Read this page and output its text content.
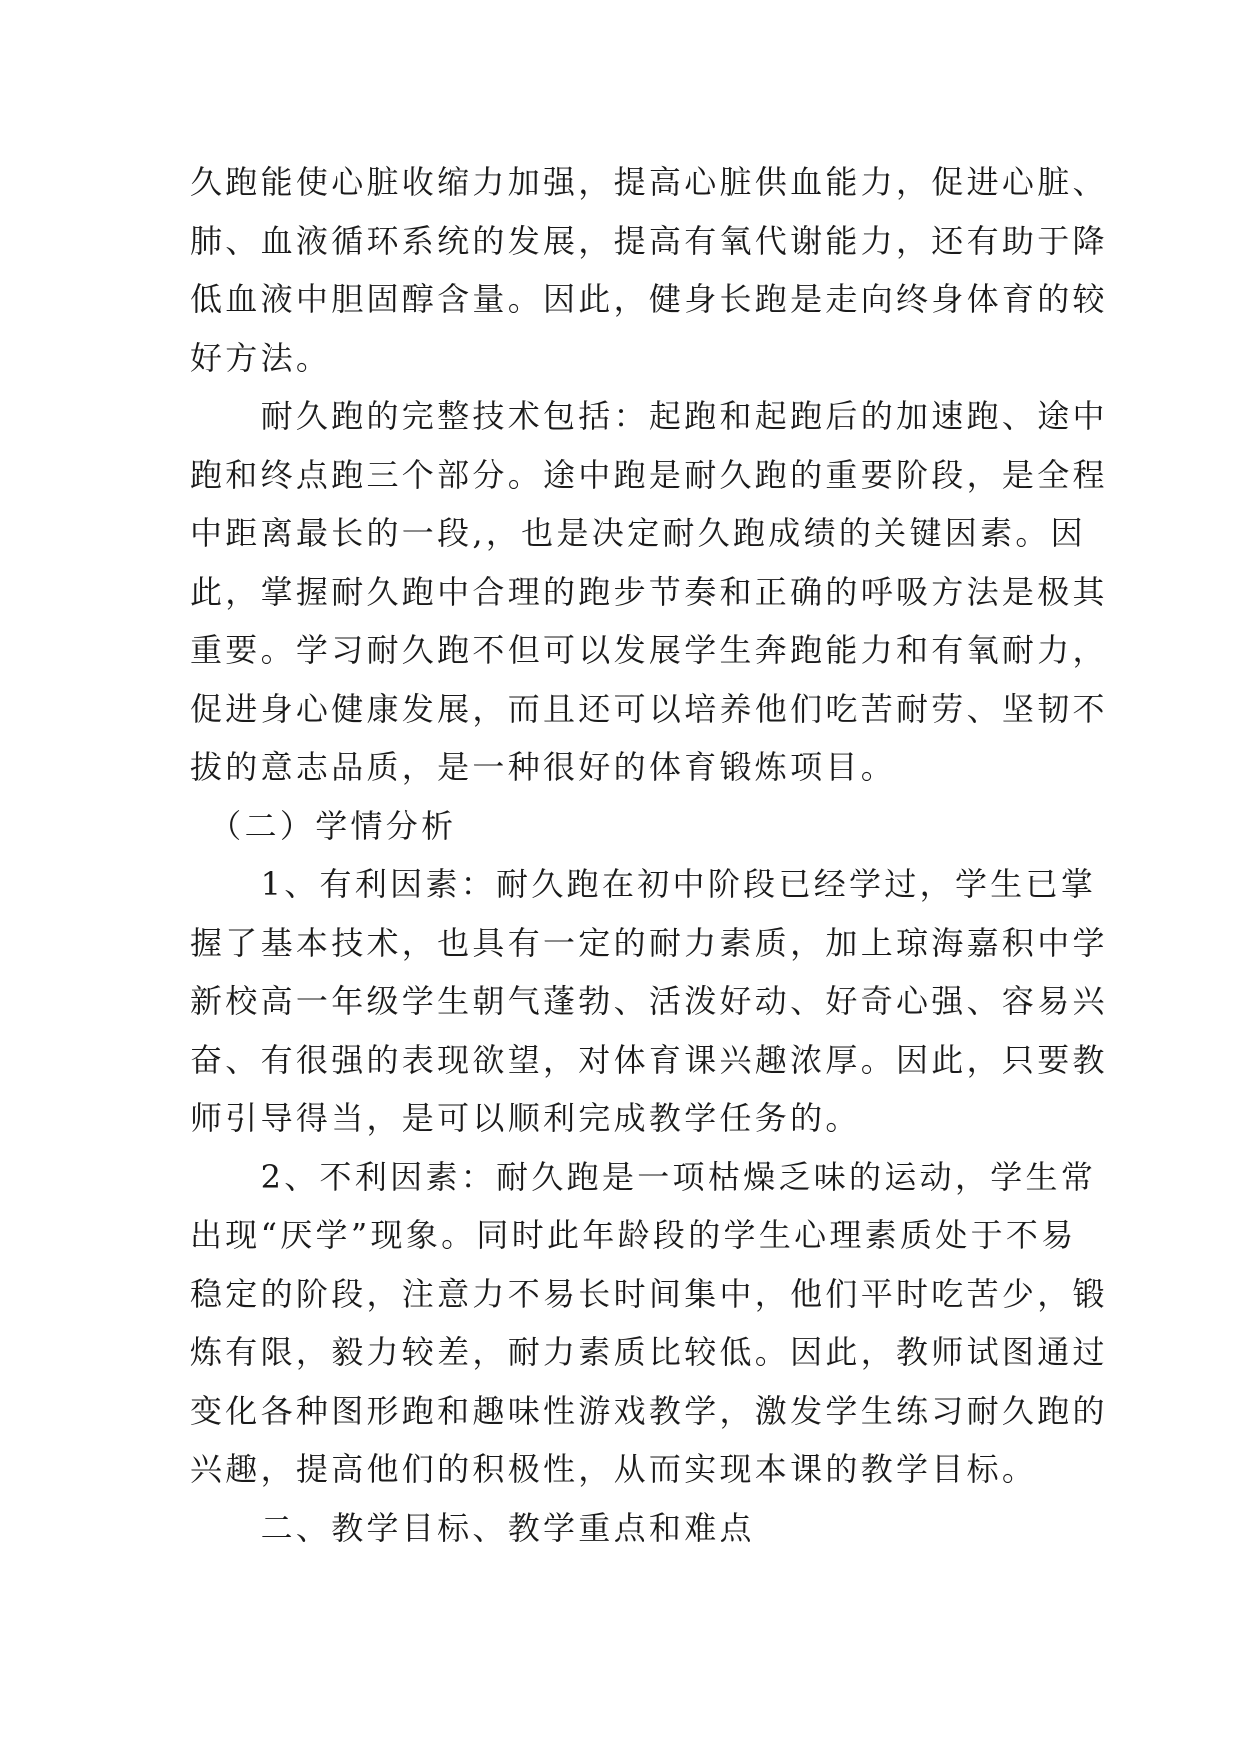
久跑能使心脏收缩力加强，提高心脏供血能力，促进心脏、
肺、血液循环系统的发展，提高有氧代谢能力，还有助于降
低血液中胆固醇含量。因此，健身长跑是走向终身体育的较
好方法。
　　耐久跑的完整技术包括：起跑和起跑后的加速跑、途中
跑和终点跑三个部分。途中跑是耐久跑的重要阶段，是全程
中距离最长的一段,，也是决定耐久跑成绩的关键因素。因
此，掌握耐久跑中合理的跑步节奏和正确的呼吸方法是极其
重要。学习耐久跑不但可以发展学生奔跑能力和有氧耐力，
促进身心健康发展，而且还可以培养他们吃苦耐劳、坚韧不
拔的意志品质，是一种很好的体育锻炼项目。
　（二）学情分析
　　1、有利因素：耐久跑在初中阶段已经学过，学生已掌
握了基本技术，也具有一定的耐力素质，加上琼海嘉积中学
新校高一年级学生朝气蓬勃、活泼好动、好奇心强、容易兴
奋、有很强的表现欲望，对体育课兴趣浓厚。因此，只要教
师引导得当，是可以顺利完成教学任务的。
　　2、不利因素：耐久跑是一项枯燥乏味的运动，学生常
出现“厌学”现象。同时此年龄段的学生心理素质处于不易
稳定的阶段，注意力不易长时间集中，他们平时吃苦少，锻
炼有限，毅力较差，耐力素质比较低。因此，教师试图通过
变化各种图形跑和趣味性游戏教学，激发学生练习耐久跑的
兴趣，提高他们的积极性，从而实现本课的教学目标。
　　二、教学目标、教学重点和难点
